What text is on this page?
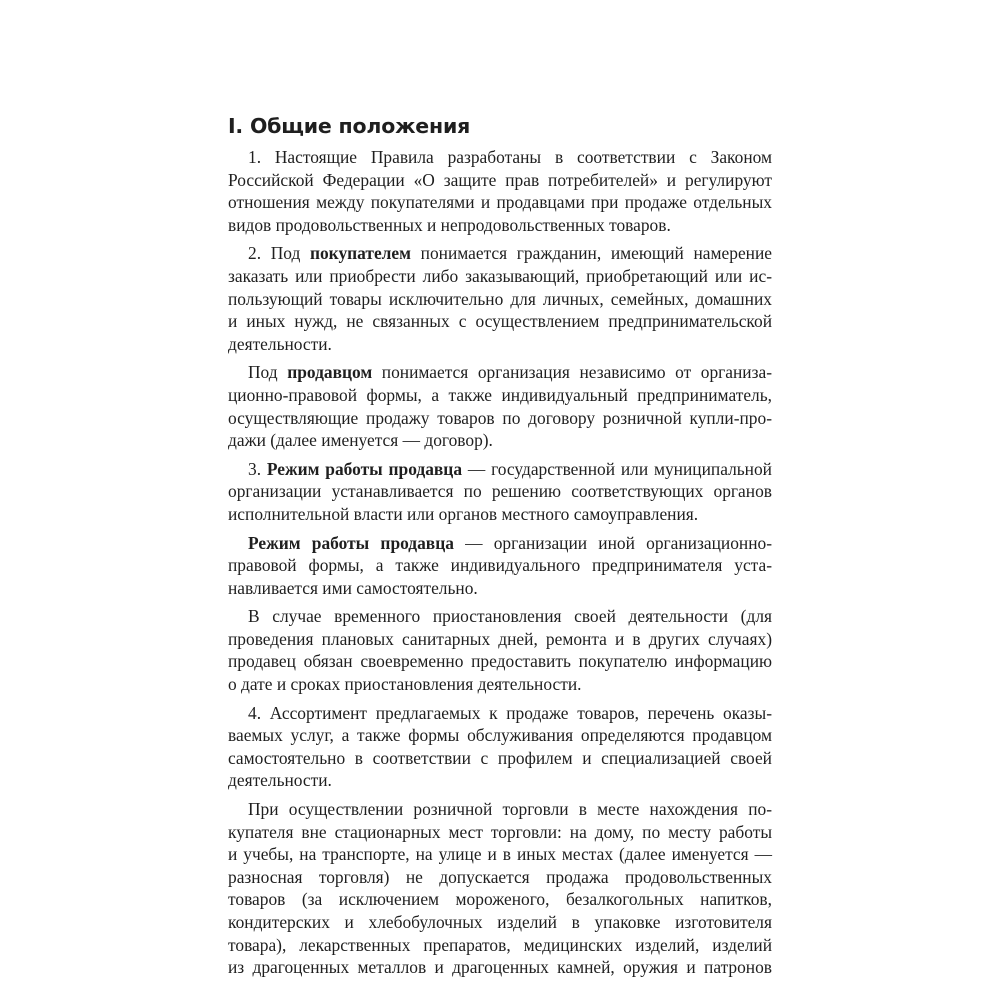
I. Общие положения
1. Настоящие Правила разработаны в соответствии с Законом
Российской Федерации «О защите прав потребителей» и регулируют
отношения между покупателями и продавцами при продаже отдельных
видов продовольственных и непродовольственных товаров.
2. Под покупателем понимается гражданин, имеющий намерение
заказать или приобрести либо заказывающий, приобретающий или ис-
пользующий товары исключительно для личных, семейных, домашних
и иных нужд, не связанных с осуществлением предпринимательской
деятельности.
Под продавцом понимается организация независимо от организа-
ционно-правовой формы, а также индивидуальный предприниматель,
осуществляющие продажу товаров по договору розничной купли-про-
дажи (далее именуется — договор).
3. Режим работы продавца — государственной или муниципальной
организации устанавливается по решению соответствующих органов
исполнительной власти или органов местного самоуправления.
Режим работы продавца — организации иной организационно-
правовой формы, а также индивидуального предпринимателя уста-
навливается ими самостоятельно.
В случае временного приостановления своей деятельности (для
проведения плановых санитарных дней, ремонта и в других случаях)
продавец обязан своевременно предоставить покупателю информацию
о дате и сроках приостановления деятельности.
4. Ассортимент предлагаемых к продаже товаров, перечень оказы-
ваемых услуг, а также формы обслуживания определяются продавцом
самостоятельно в соответствии с профилем и специализацией своей
деятельности.
При осуществлении розничной торговли в месте нахождения по-
купателя вне стационарных мест торговли: на дому, по месту работы
и учебы, на транспорте, на улице и в иных местах (далее именуется —
разносная торговля) не допускается продажа продовольственных
товаров (за исключением мороженого, безалкогольных напитков,
кондитерских и хлебобулочных изделий в упаковке изготовителя
товара), лекарственных препаратов, медицинских изделий, изделий
из драгоценных металлов и драгоценных камней, оружия и патронов
